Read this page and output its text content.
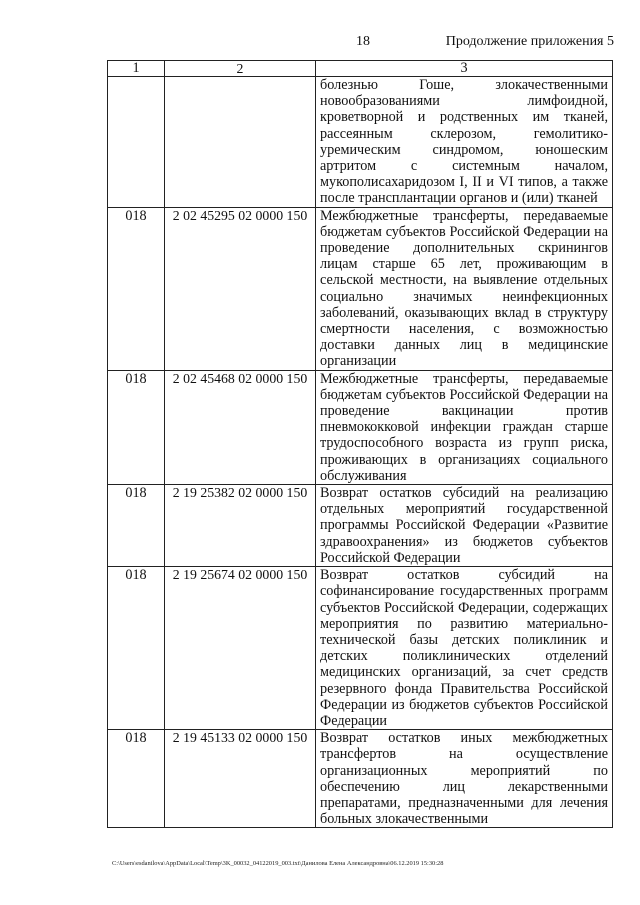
18	Продолжение приложения 5
1	2	3
		болезнью Гоше, злокачественными новообразованиями лимфоидной, кроветворной и родственных им тканей, рассеянным склерозом, гемолитико-уремическим синдромом, юношеским артритом с системным началом, мукополисахаридозом I, II и VI типов, а также после трансплантации органов и (или) тканей
018	2 02 45295 02 0000 150	Межбюджетные трансферты, передаваемые бюджетам субъектов Российской Федерации на проведение дополнительных скринингов лицам старше 65 лет, проживающим в сельской местности, на выявление отдельных социально значимых неинфекционных заболеваний, оказывающих вклад в структуру смертности населения, с возможностью доставки данных лиц в медицинские организации
018	2 02 45468 02 0000 150	Межбюджетные трансферты, передаваемые бюджетам субъектов Российской Федерации на проведение вакцинации против пневмококковой инфекции граждан старше трудоспособного возраста из групп риска, проживающих в организациях социального обслуживания
018	2 19 25382 02 0000 150	Возврат остатков субсидий на реализацию отдельных мероприятий государственной программы Российской Федерации «Развитие здравоохранения» из бюджетов субъектов Российской Федерации
018	2 19 25674 02 0000 150	Возврат остатков субсидий на софинансирование государственных программ субъектов Российской Федерации, содержащих мероприятия по развитию материально-технической базы детских поликлиник и детских поликлинических отделений медицинских организаций, за счет средств резервного фонда Правительства Российской Федерации из бюджетов субъектов Российской Федерации
018	2 19 45133 02 0000 150	Возврат остатков иных межбюджетных трансфертов на осуществление организационных мероприятий по обеспечению лиц лекарственными препаратами, предназначенными для лечения больных злокачественными
C:\Users\esdanilova\AppData\Local\Temp\3K_00032_04122019_003.txt\Данилова Елена Александровна\06.12.2019 15:30:28
